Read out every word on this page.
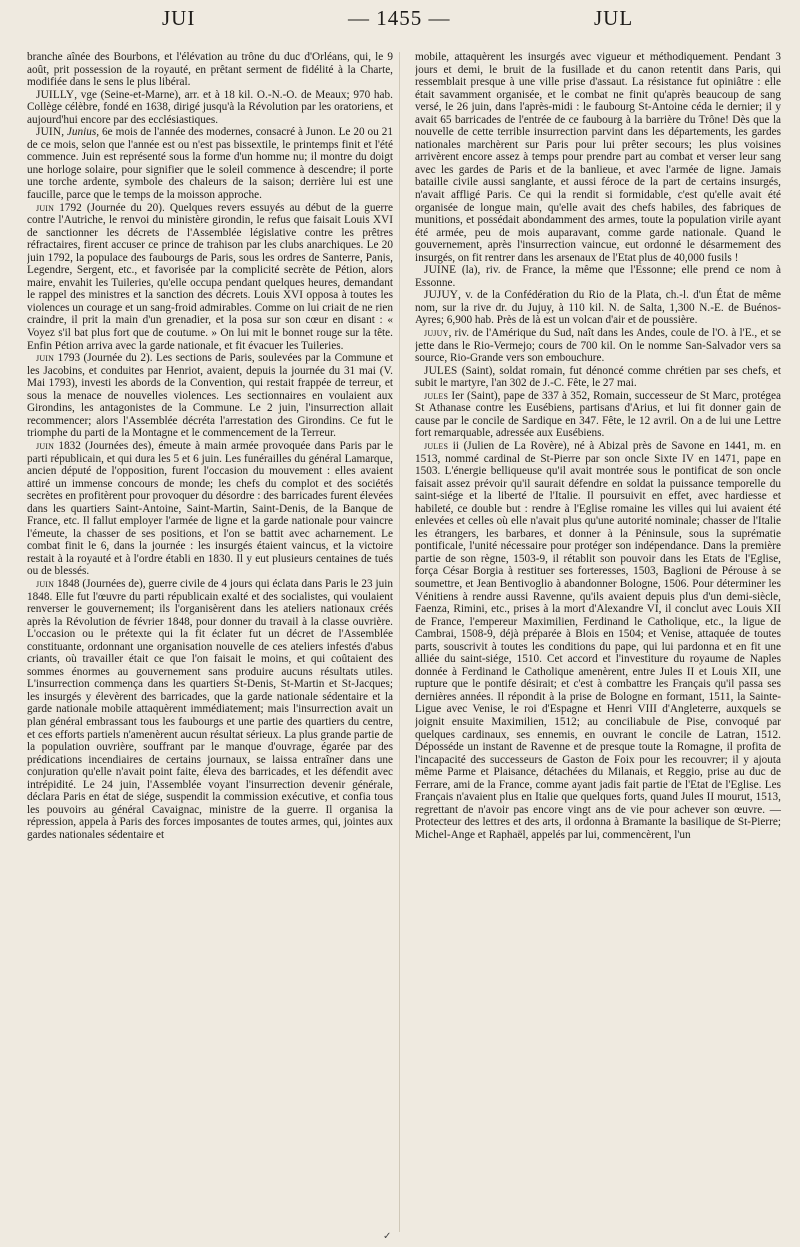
JUI	— 1455 —	JUL

branche aînée des Bourbons, et l'élévation au trône du duc d'Orléans, qui, le 9 août, prit possession de la royauté, en prêtant serment de fidélité à la Charte, modifiée dans le sens le plus libéral.

JUILLY, vge (Seine-et-Marne), arr. et à 18 kil. O.-N.-O. de Meaux; 970 hab. Collège célèbre, fondé en 1638, dirigé jusqu'à la Révolution par les oratoriens, et aujourd'hui encore par des ecclésiastiques.

JUIN, Junius, 6e mois de l'année des modernes, consacré à Junon. Le 20 ou 21 de ce mois, selon que l'année est ou n'est pas bissextile, le printemps finit et l'été commence. Juin est représenté sous la forme d'un homme nu; il montre du doigt une horloge solaire, pour signifier que le soleil commence à descendre; il porte une torche ardente, symbole des chaleurs de la saison; derrière lui est une faucille, parce que le temps de la moisson approche.

juin 1792 (Journée du 20). Quelques revers essuyés au début de la guerre contre l'Autriche, le renvoi du ministère girondin, le refus que faisait Louis XVI de sanctionner les décrets de l'Assemblée législative contre les prêtres réfractaires, firent accuser ce prince de trahison par les clubs anarchiques. Le 20 juin 1792, la populace des faubourgs de Paris, sous les ordres de Santerre, Panis, Legendre, Sergent, etc., et favorisée par la complicité secrète de Pétion, alors maire, envahit les Tuileries, qu'elle occupa pendant quelques heures, demandant le rappel des ministres et la sanction des décrets. Louis XVI opposa à toutes les violences un courage et un sang-froid admirables. Comme on lui criait de ne rien craindre, il prit la main d'un grenadier, et la posa sur son cœur en disant : « Voyez s'il bat plus fort que de coutume. » On lui mit le bonnet rouge sur la tête. Enfin Pétion arriva avec la garde nationale, et fit évacuer les Tuileries.

juin 1793 (Journée du 2). Les sections de Paris, soulevées par la Commune et les Jacobins, et conduites par Henriot, avaient, depuis la journée du 31 mai (V. Mai 1793), investi les abords de la Convention, qui restait frappée de terreur, et sous la menace de nouvelles violences. Les sectionnaires en voulaient aux Girondins, les antagonistes de la Commune. Le 2 juin, l'insurrection allait recommencer; alors l'Assemblée décréta l'arrestation des Girondins. Ce fut le triomphe du parti de la Montagne et le commencement de la Terreur.

juin 1832 (Journées des), émeute à main armée provoquée dans Paris par le parti républicain, et qui dura les 5 et 6 juin. Les funérailles du général Lamarque, ancien député de l'opposition, furent l'occasion du mouvement : elles avaient attiré un immense concours de monde; les chefs du complot et des sociétés secrètes en profitèrent pour provoquer du désordre : des barricades furent élevées dans les quartiers Saint-Antoine, Saint-Martin, Saint-Denis, de la Banque de France, etc. Il fallut employer l'armée de ligne et la garde nationale pour vaincre l'émeute, la chasser de ses positions, et l'on se battit avec acharnement. Le combat finit le 6, dans la journée : les insurgés étaient vaincus, et la victoire restait à la royauté et à l'ordre établi en 1830. Il y eut plusieurs centaines de tués ou de blessés.

juin 1848 (Journées de), guerre civile de 4 jours qui éclata dans Paris le 23 juin 1848. Elle fut l'œuvre du parti républicain exalté et des socialistes, qui voulaient renverser le gouvernement; ils l'organisèrent dans les ateliers nationaux créés après la Révolution de février 1848, pour donner du travail à la classe ouvrière. L'occasion ou le prétexte qui la fit éclater fut un décret de l'Assemblée constituante, ordonnant une organisation nouvelle de ces ateliers infestés d'abus criants, où travailler était ce que l'on faisait le moins, et qui coûtaient des sommes énormes au gouvernement sans produire aucuns résultats utiles. L'insurrection commença dans les quartiers St-Denis, St-Martin et St-Jacques; les insurgés y élevèrent des barricades, que la garde nationale sédentaire et la garde nationale mobile attaquèrent immédiatement; mais l'insurrection avait un plan général embrassant tous les faubourgs et une partie des quartiers du centre, et ces efforts partiels n'amenèrent aucun résultat sérieux. La plus grande partie de la population ouvrière, souffrant par le manque d'ouvrage, égarée par des prédications incendiaires de certains journaux, se laissa entraîner dans une conjuration qu'elle n'avait point faite, éleva des barricades, et les défendit avec intrépidité. Le 24 juin, l'Assemblée voyant l'insurrection devenir générale, déclara Paris en état de siége, suspendit la commission exécutive, et confia tous les pouvoirs au général Cavaignac, ministre de la guerre. Il organisa la répression, appela à Paris des forces imposantes de toutes armes, qui, jointes aux gardes nationales sédentaire et

mobile, attaquèrent les insurgés avec vigueur et méthodiquement. Pendant 3 jours et demi, le bruit de la fusillade et du canon retentit dans Paris, qui ressemblait presque à une ville prise d'assaut. La résistance fut opiniâtre : elle était savamment organisée, et le combat ne finit qu'après beaucoup de sang versé, le 26 juin, dans l'après-midi : le faubourg St-Antoine céda le dernier; il y avait 65 barricades de l'entrée de ce faubourg à la barrière du Trône! Dès que la nouvelle de cette terrible insurrection parvint dans les départements, les gardes nationales marchèrent sur Paris pour lui prêter secours; les plus voisines arrivèrent encore assez à temps pour prendre part au combat et verser leur sang avec les gardes de Paris et de la banlieue, et avec l'armée de ligne. Jamais bataille civile aussi sanglante, et aussi féroce de la part de certains insurgés, n'avait affligé Paris. Ce qui la rendit si formidable, c'est qu'elle avait été organisée de longue main, qu'elle avait des chefs habiles, des fabriques de munitions, et possédait abondamment des armes, toute la population virile ayant été armée, peu de mois auparavant, comme garde nationale. Quand le gouvernement, après l'insurrection vaincue, eut ordonné le désarmement des insurgés, on fit rentrer dans les arsenaux de l'Etat plus de 40,000 fusils !

JUINE (la), riv. de France, la même que l'Essonne; elle prend ce nom à Essonne.

JUJUY, v. de la Confédération du Rio de la Plata, ch.-l. d'un État de même nom, sur la rive dr. du Jujuy, à 110 kil. N. de Salta, 1,300 N.-E. de Buénos-Ayres; 6,900 hab. Près de là est un volcan d'air et de poussière.

jujuy, riv. de l'Amérique du Sud, naît dans les Andes, coule de l'O. à l'E., et se jette dans le Rio-Vermejo; cours de 700 kil. On le nomme San-Salvador vers sa source, Rio-Grande vers son embouchure.

JULES (Saint), soldat romain, fut dénoncé comme chrétien par ses chefs, et subit le martyre, l'an 302 de J.-C. Fête, le 27 mai.

jules Ier (Saint), pape de 337 à 352, Romain, successeur de St Marc, protégea St Athanase contre les Eusébiens, partisans d'Arius, et lui fit donner gain de cause par le concile de Sardique en 347. Fête, le 12 avril. On a de lui une Lettre fort remarquable, adressée aux Eusébiens.

jules ii (Julien de La Rovère), né à Abizal près de Savone en 1441, m. en 1513, nommé cardinal de St-Pierre par son oncle Sixte IV en 1471, pape en 1503. L'énergie belliqueuse qu'il avait montrée sous le pontificat de son oncle faisait assez prévoir qu'il saurait défendre en soldat la puissance temporelle du saint-siége et la liberté de l'Italie. Il poursuivit en effet, avec hardiesse et habileté, ce double but : rendre à l'Eglise romaine les villes qui lui avaient été enlevées et celles où elle n'avait plus qu'une autorité nominale; chasser de l'Italie les étrangers, les barbares, et donner à la Péninsule, sous la suprématie pontificale, l'unité nécessaire pour protéger son indépendance. Dans la première partie de son règne, 1503-9, il rétablit son pouvoir dans les Etats de l'Eglise, força César Borgia à restituer ses forteresses, 1503, Baglioni de Pérouse à se soumettre, et Jean Bentivoglio à abandonner Bologne, 1506. Pour déterminer les Vénitiens à rendre aussi Ravenne, qu'ils avaient depuis plus d'un demi-siècle, Faenza, Rimini, etc., prises à la mort d'Alexandre VI, il conclut avec Louis XII de France, l'empereur Maximilien, Ferdinand le Catholique, etc., la ligue de Cambrai, 1508-9, déjà préparée à Blois en 1504; et Venise, attaquée de toutes parts, souscrivit à toutes les conditions du pape, qui lui pardonna et en fit une alliée du saint-siége, 1510. Cet accord et l'investiture du royaume de Naples donnée à Ferdinand le Catholique amenèrent, entre Jules II et Louis XII, une rupture que le pontife désirait; et c'est à combattre les Français qu'il passa ses dernières années. Il répondit à la prise de Bologne en formant, 1511, la Sainte-Ligue avec Venise, le roi d'Espagne et Henri VIII d'Angleterre, auxquels se joignit ensuite Maximilien, 1512; au conciliabule de Pise, convoqué par quelques cardinaux, ses ennemis, en ouvrant le concile de Latran, 1512. Déposséde un instant de Ravenne et de presque toute la Romagne, il profita de l'incapacité des successeurs de Gaston de Foix pour les recouvrer; il y ajouta même Parme et Plaisance, détachées du Milanais, et Reggio, prise au duc de Ferrare, ami de la France, comme ayant jadis fait partie de l'Etat de l'Eglise. Les Français n'avaient plus en Italie que quelques forts, quand Jules II mourut, 1513, regrettant de n'avoir pas encore vingt ans de vie pour achever son œuvre. — Protecteur des lettres et des arts, il ordonna à Bramante la basilique de St-Pierre; Michel-Ange et Raphaël, appelés par lui, commencèrent, l'un

✓
